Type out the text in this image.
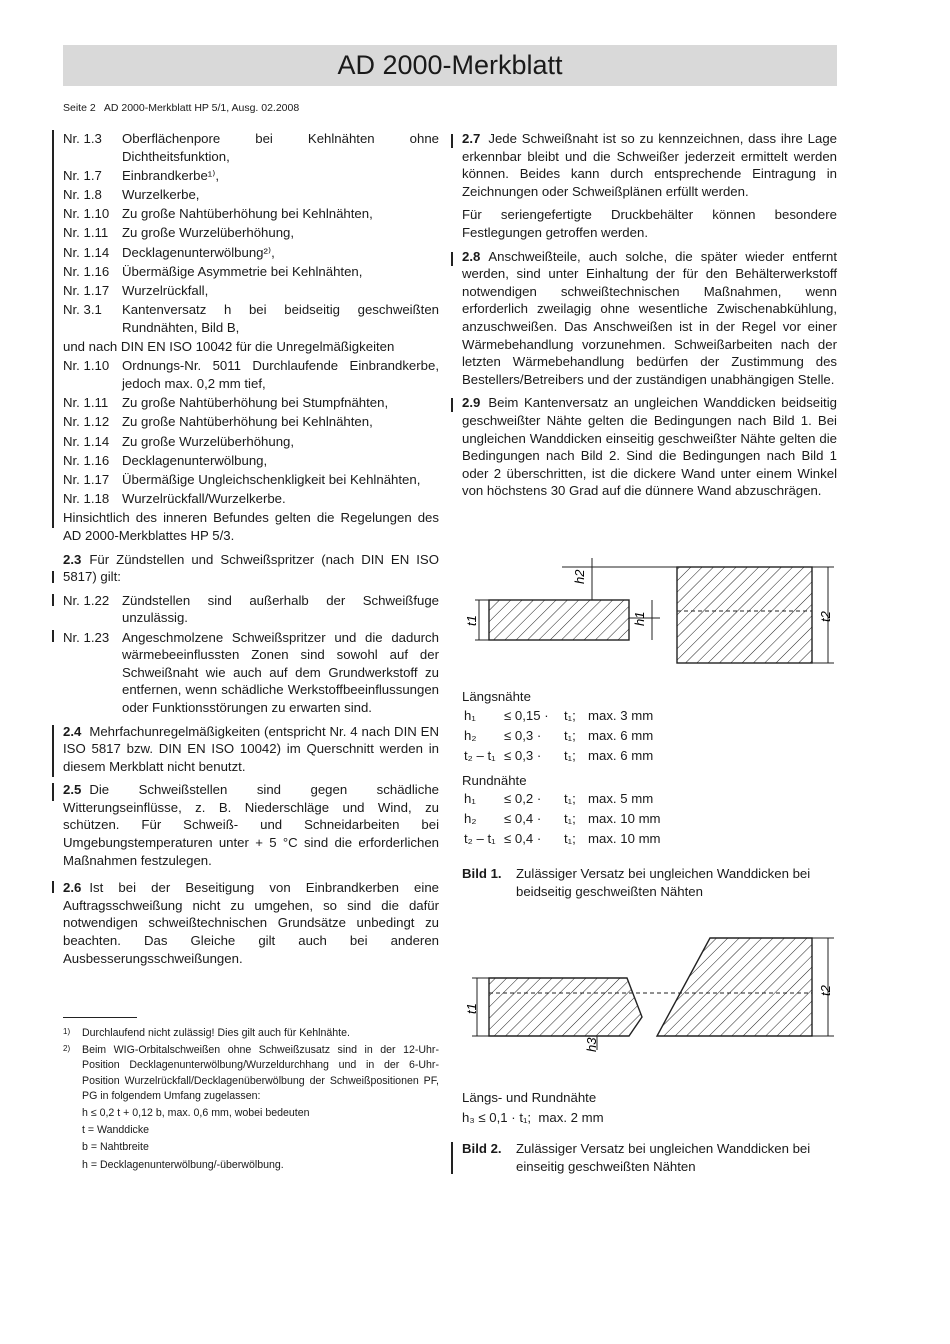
AD 2000-Merkblatt
Seite 2   AD 2000-Merkblatt HP 5/1, Ausg. 02.2008
Nr. 1.3	Oberflächenpore bei Kehlnähten ohne Dichtheitsfunktion,
Nr. 1.7	Einbrandkerbe¹⁾,
Nr. 1.8	Wurzelkerbe,
Nr. 1.10 Zu große Nahtüberhöhung bei Kehlnähten,
Nr. 1.11	Zu große Wurzelüberhöhung,
Nr. 1.14 Decklagenunterwölbung²⁾,
Nr. 1.16 Übermäßige Asymmetrie bei Kehlnähten,
Nr. 1.17 Wurzelrückfall,
Nr. 3.1	Kantenversatz h bei beidseitig geschweißten Rundnähten, Bild B,
und nach DIN EN ISO 10042 für die Unregelmäßigkeiten
Nr. 1.10 Ordnungs-Nr. 5011 Durchlaufende Einbrandkerbe, jedoch max. 0,2 mm tief,
Nr. 1.11	Zu große Nahtüberhöhung bei Stumpfnähten,
Nr. 1.12 Zu große Nahtüberhöhung bei Kehlnähten,
Nr. 1.14 Zu große Wurzelüberhöhung,
Nr. 1.16 Decklagenunterwölbung,
Nr. 1.17 Übermäßige Ungleichschenkligkeit bei Kehlnähten,
Nr. 1.18 Wurzelrückfall/Wurzelkerbe.

Hinsichtlich des inneren Befundes gelten die Regelungen des AD 2000-Merkblattes HP 5/3.

2.3 Für Zündstellen und Schweißspritzer (nach DIN EN ISO 5817) gilt:

Nr. 1.22 Zündstellen sind außerhalb der Schweißfuge unzulässig.
Nr. 1.23 Angeschmolzene Schweißspritzer und die dadurch wärmebeeinflussten Zonen sind sowohl auf der Schweißnaht wie auch auf dem Grundwerkstoff zu entfernen, wenn schädliche Werkstoffbeeinflussungen oder Funktionsstörungen zu erwarten sind.

2.4 Mehrfachunregelmäßigkeiten (entspricht Nr. 4 nach DIN EN ISO 5817 bzw. DIN EN ISO 10042) im Querschnitt werden in diesem Merkblatt nicht benutzt.

2.5 Die Schweißstellen sind gegen schädliche Witterungseinflüsse, z. B. Niederschläge und Wind, zu schützen. Für Schweiß- und Schneidarbeiten bei Umgebungstemperaturen unter + 5 °C sind die erforderlichen Maßnahmen festzulegen.

2.6 Ist bei der Beseitigung von Einbrandkerben eine Auftragsschweißung nicht zu umgehen, so sind die dafür notwendigen schweißtechnischen Grundsätze unbedingt zu beachten. Das Gleiche gilt auch bei anderen Ausbesserungsschweißungen.

1)	Durchlaufend nicht zulässig! Dies gilt auch für Kehlnähte.
2)	Beim WIG-Orbitalschweißen ohne Schweißzusatz sind in der 12-Uhr-Position Decklagenunterwölbung/Wurzeldurchhang und in der 6-Uhr-Position Wurzelrückfall/Decklagenüberwölbung der Schweißpositionen PF, PG in folgendem Umfang zugelassen:
h ≤ 0,2 t + 0,12 b, max. 0,6 mm, wobei bedeuten
t = Wanddicke
b = Nahtbreite
h = Decklagenunterwölbung/-überwölbung.

2.7 Jede Schweißnaht ist so zu kennzeichnen, dass ihre Lage erkennbar bleibt und die Schweißer jederzeit ermittelt werden können. Beides kann durch entsprechende Eintragung in Zeichnungen oder Schweißplänen erfüllt werden.

Für seriengefertigte Druckbehälter können besondere Festlegungen getroffen werden.

2.8 Anschweißteile, auch solche, die später wieder entfernt werden, sind unter Einhaltung der für den Behälterwerkstoff notwendigen schweißtechnischen Maßnahmen, wenn erforderlich zweilagig ohne wesentliche Zwischenabkühlung, anzuschweißen. Das Anschweißen ist in der Regel vor einer Wärmebehandlung vorzunehmen. Schweißarbeiten nach der letzten Wärmebehandlung bedürfen der Zustimmung des Bestellers/Betreibers und der zuständigen unabhängigen Stelle.

2.9 Beim Kantenversatz an ungleichen Wanddicken beidseitig geschweißter Nähte gelten die Bedingungen nach Bild 1. Bei ungleichen Wanddicken einseitig geschweißter Nähte gelten die Bedingungen nach Bild 2. Sind die Bedingungen nach Bild 1 oder 2 überschritten, ist die dickere Wand unter einem Winkel von höchstens 30 Grad auf die dünnere Wand abzuschrägen.

t1
h2
h1	t2
Längsnähte
h₁	≤ 0,15 ·	t₁;	max. 3 mm
h₂	≤ 0,3 ·	t₁;	max. 6 mm
t₂ – t₁	≤ 0,3 ·	t₁;	max. 6 mm
Rundnähte
h₁	≤ 0,2 ·	t₁;	max. 5 mm
h₂	≤ 0,4 ·	t₁;	max. 10 mm
t₂ – t₁	≤ 0,4 ·	t₁;	max. 10 mm
Bild 1.	Zulässiger Versatz bei ungleichen Wanddicken bei beidseitig geschweißten Nähten
t1
t2
h3
Längs- und Rundnähte
h₃ ≤ 0,1 · t₁;  max. 2 mm
Bild 2.	Zulässiger Versatz bei ungleichen Wanddicken bei einseitig geschweißten Nähten
